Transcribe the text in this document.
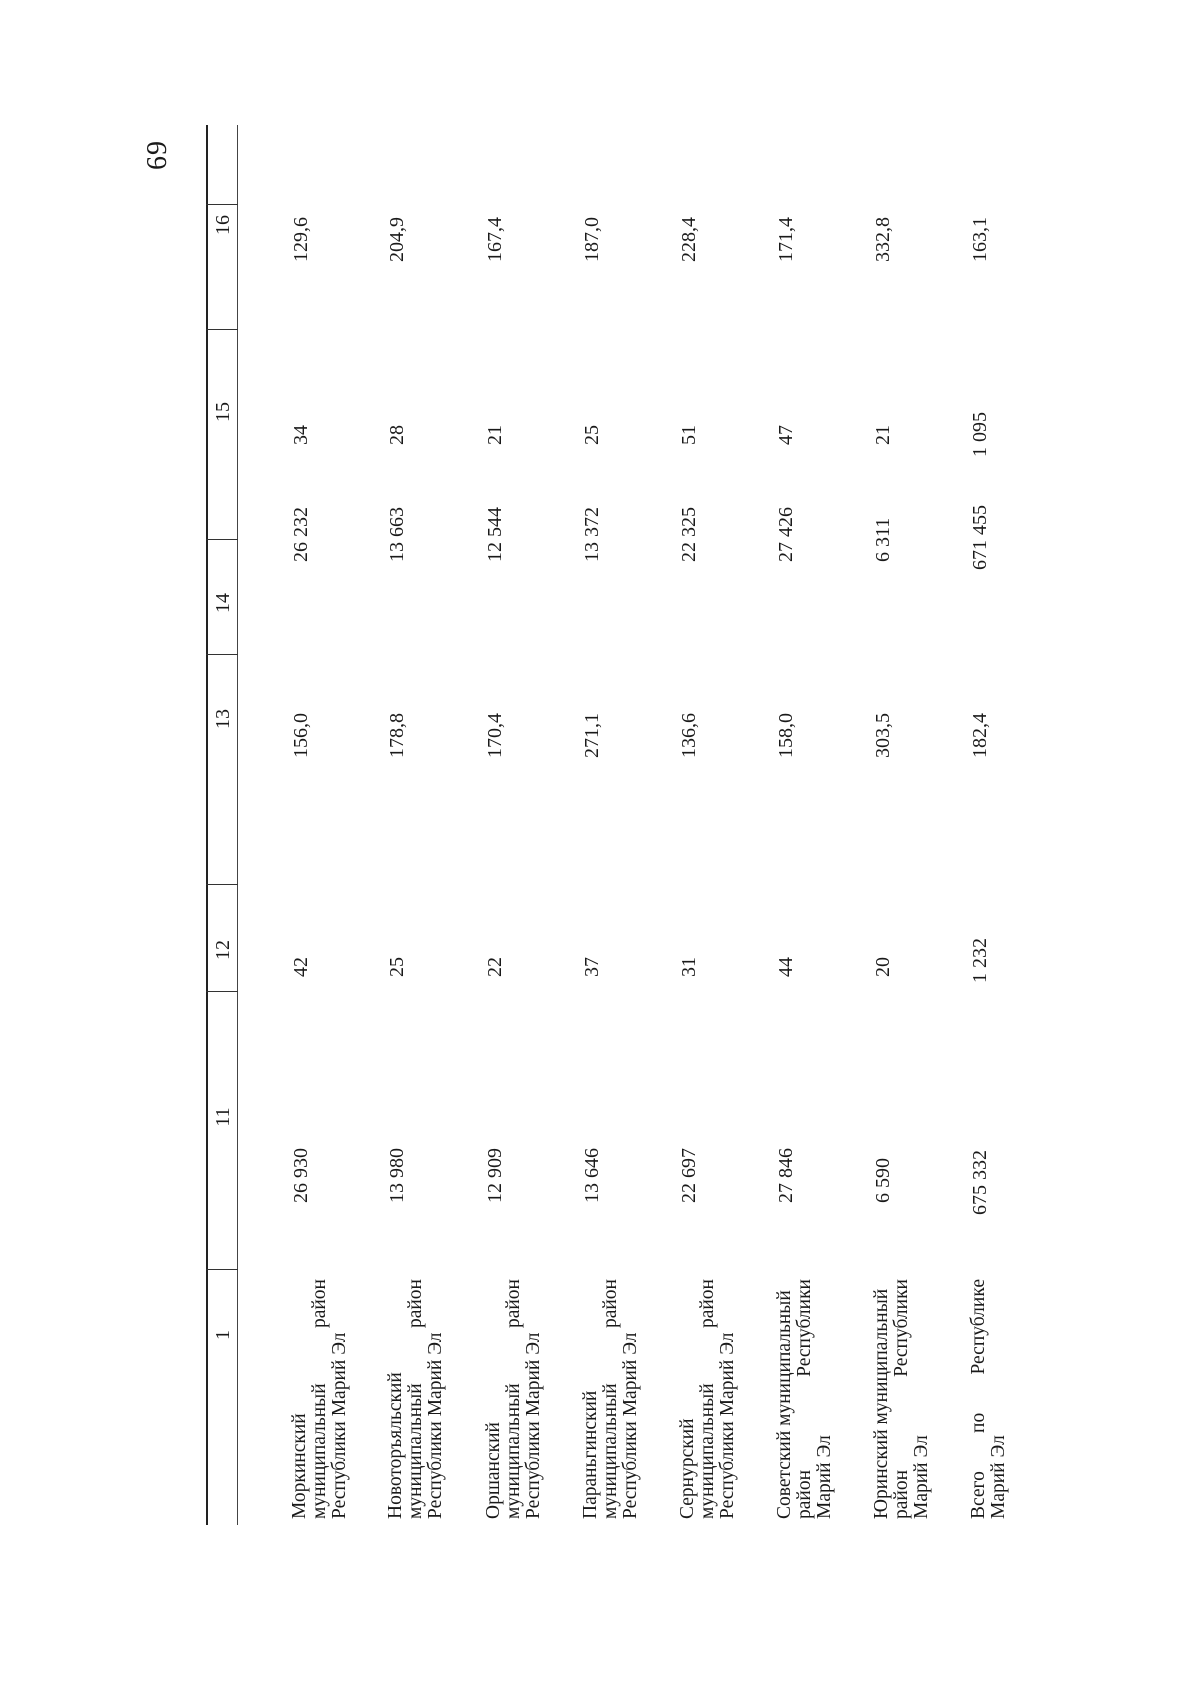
69
1
11
12
13
14
15
16
Моркинский муниципальный район Республики Марий Эл
26 930
42
156,0
26 232
34
129,6
Новоторъяльский муниципальный район Республики Марий Эл
13 980
25
178,8
13 663
28
204,9
Оршанский муниципальный район Республики Марий Эл
12 909
22
170,4
12 544
21
167,4
Параньгинский муниципальный район Республики Марий Эл
13 646
37
271,1
13 372
25
187,0
Сернурский муниципальный район Республики Марий Эл
22 697
31
136,6
22 325
51
228,4
Советский муниципальный район Республики Марий Эл
27 846
44
158,0
27 426
47
171,4
Юринский муниципальный район Республики Марий Эл
6 590
20
303,5
6 311
21
332,8
Всего по Республике Марий Эл
675 332
1 232
182,4
671 455
1 095
163,1
